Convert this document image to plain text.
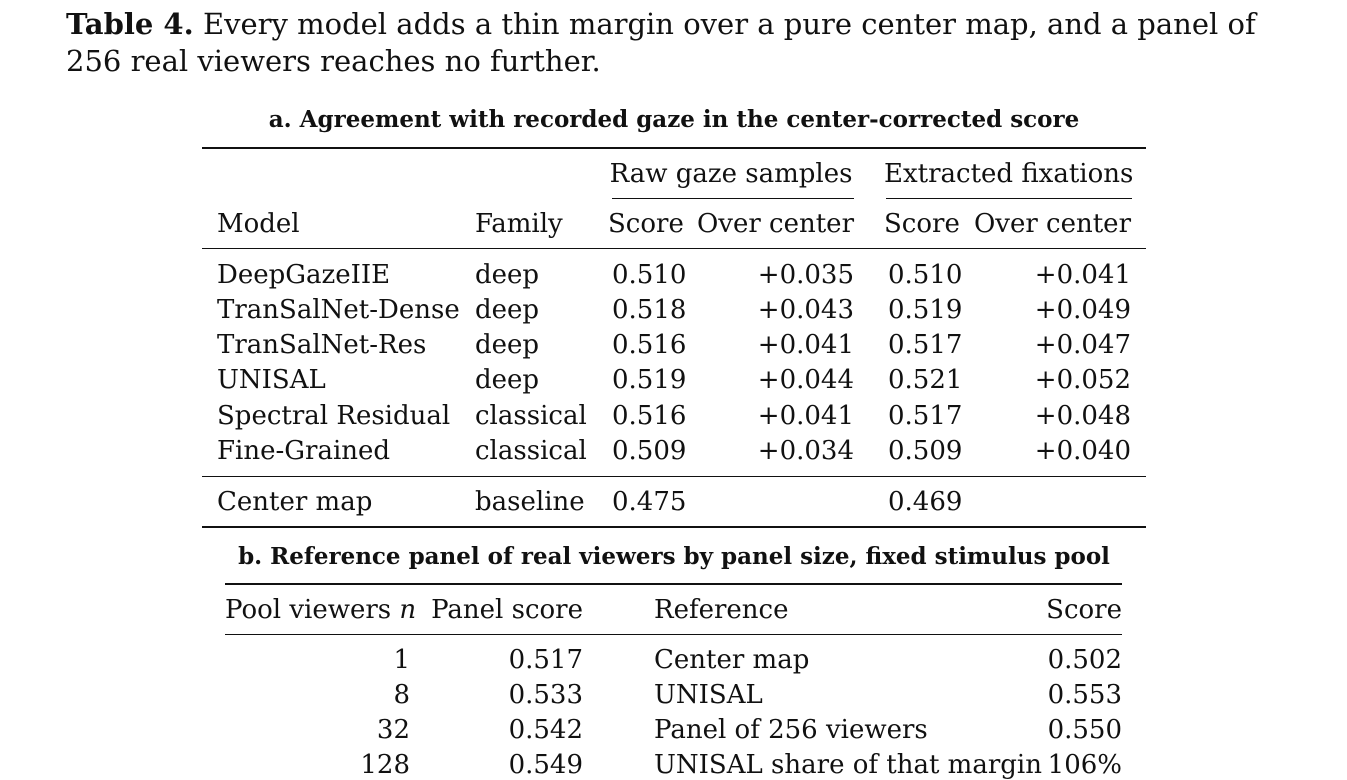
Table 4. Every model adds a thin margin over a pure center map, and a panel of 256 real viewers reaches no further.
a. Agreement with recorded gaze in the center-corrected score
Raw gaze samples Extracted fixations
Model	Family Score Over center Score Over center
DeepGazeIIE	deep	0.510	+0.035 0.510	+0.041
TranSalNet-Dense deep	0.518	+0.043 0.519	+0.049
TranSalNet-Res deep	0.516	+0.041 0.517	+0.047
UNISAL	deep	0.519	+0.044 0.521	+0.052
Spectral Residual classical 0.516	+0.041 0.517	+0.048
Fine-Grained	classical 0.509	+0.034 0.509	+0.040
Center map	baseline 0.475	0.469
b. Reference panel of real viewers by panel size, fixed stimulus pool
Pool viewers n Panel score	Reference	Score
1	0.517	Center map	0.502
8	0.533	UNISAL	0.553
32	0.542	Panel of 256 viewers	0.550
128	0.549	UNISAL share of that margin 106%
